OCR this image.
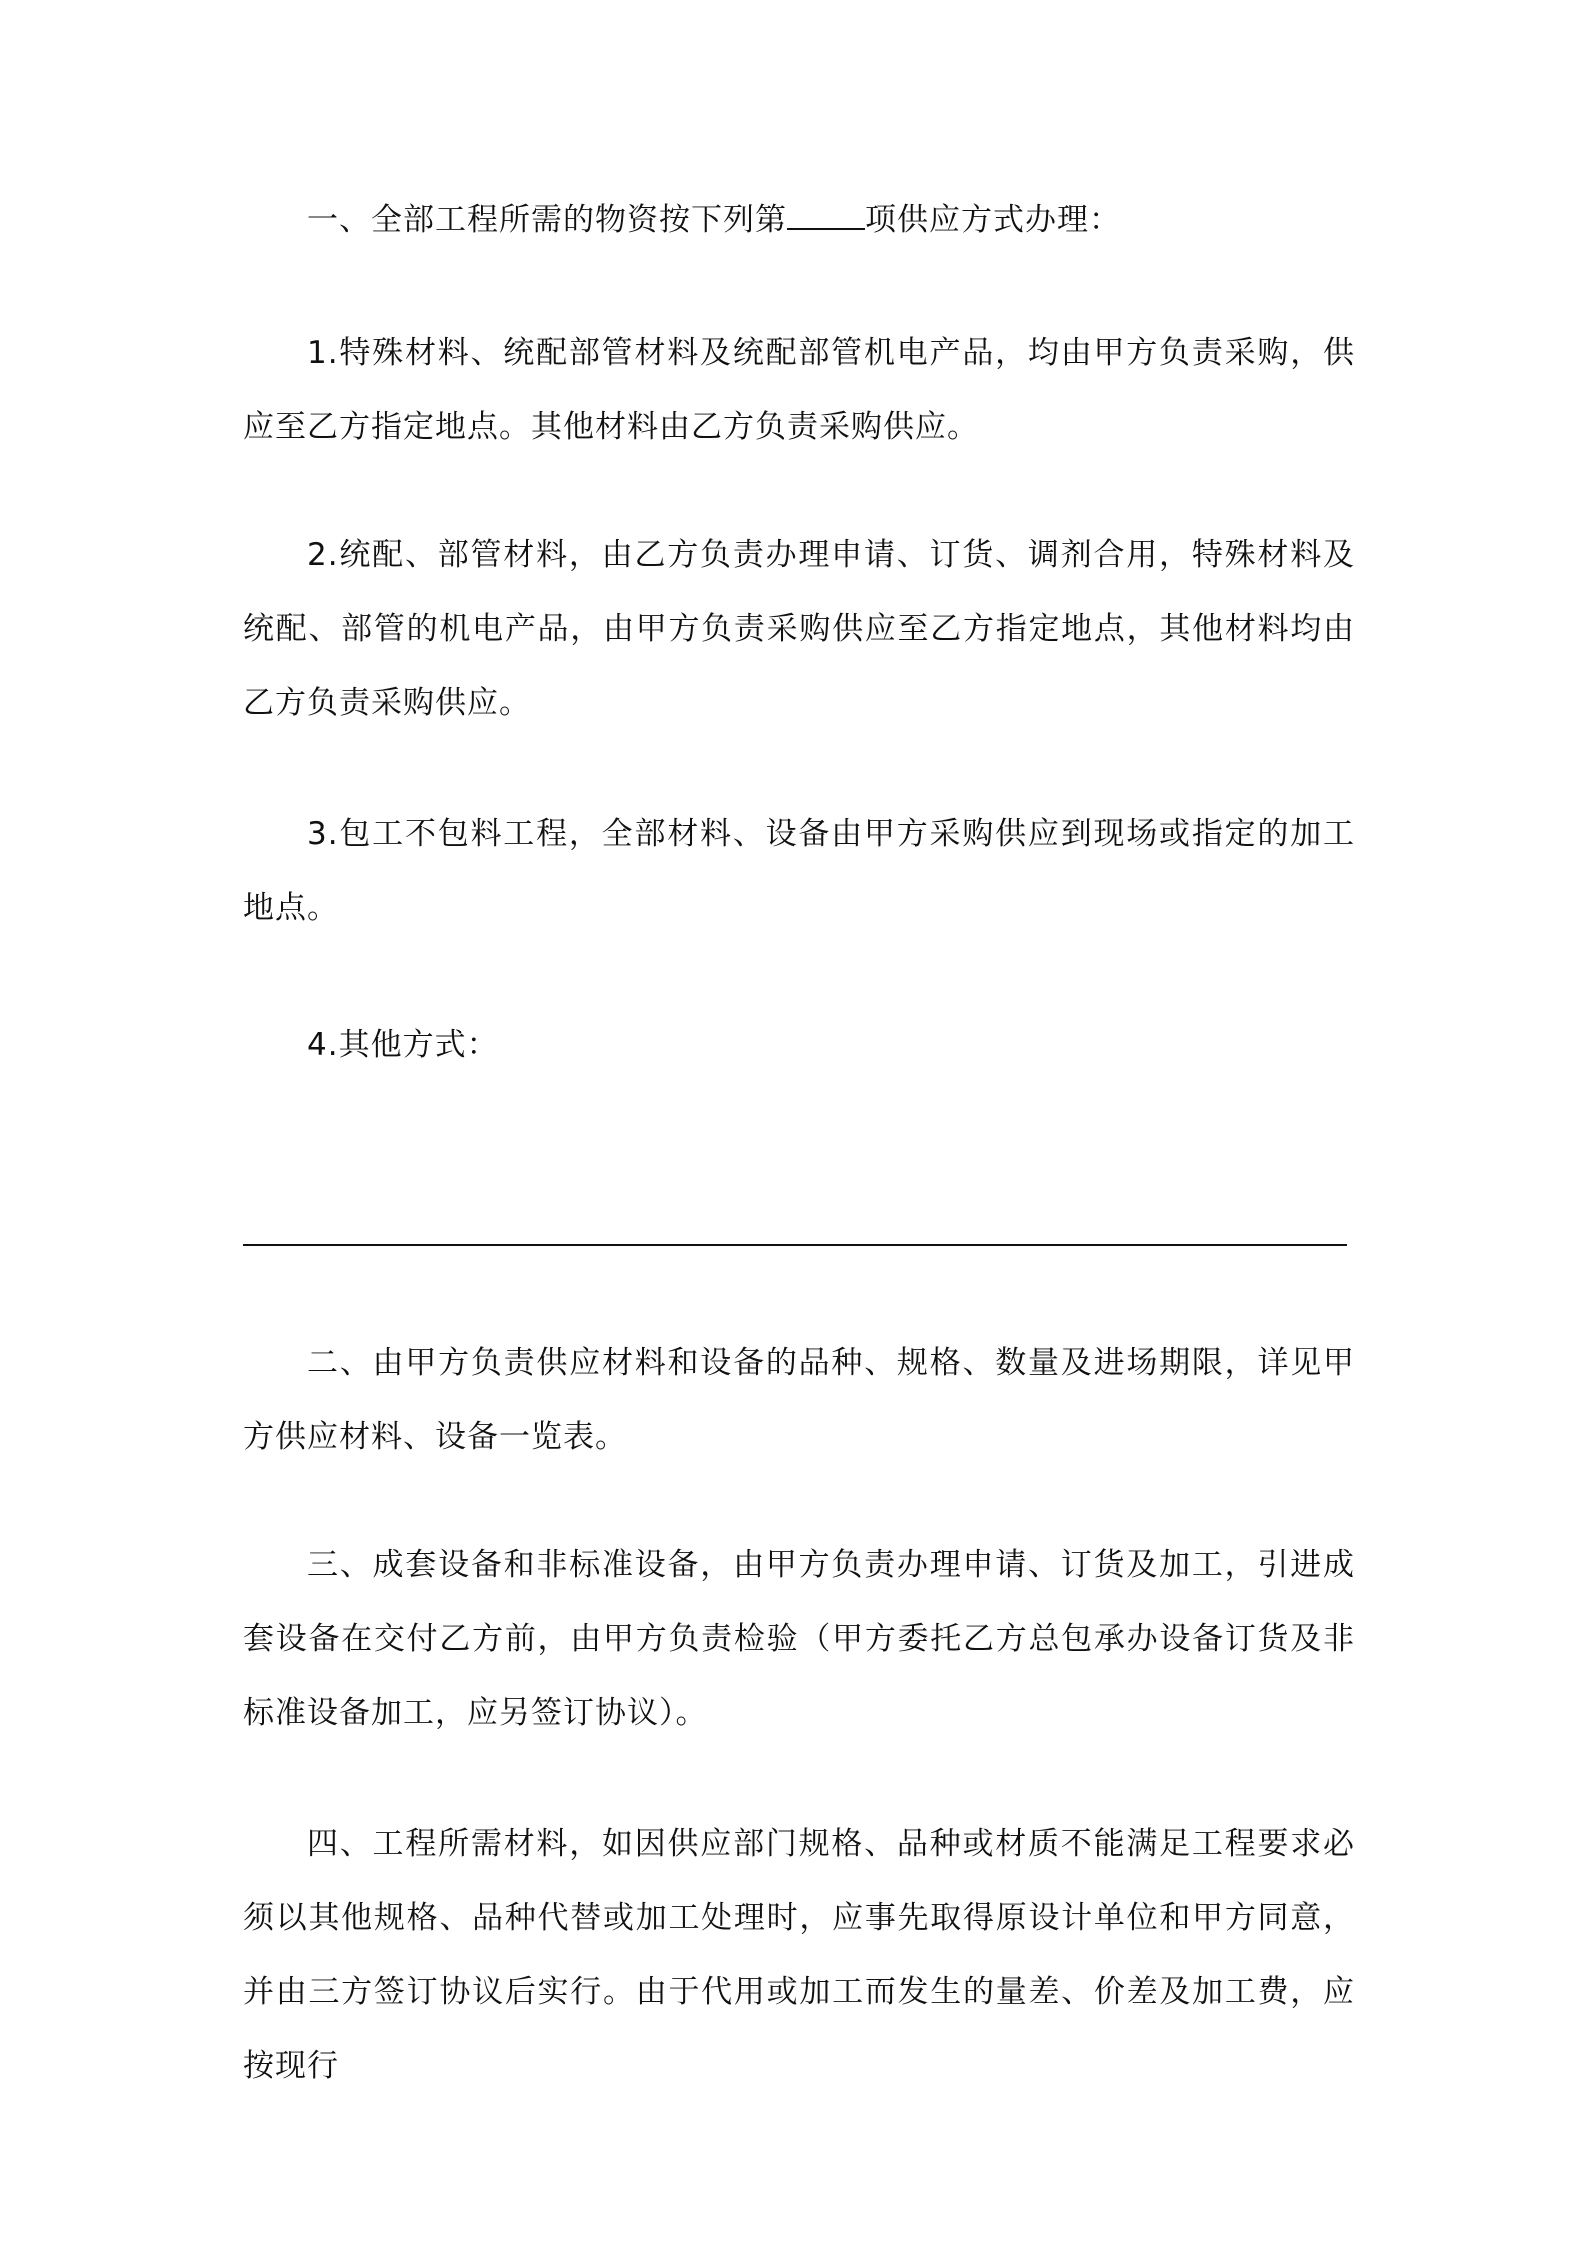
一、全部工程所需的物资按下列第	项供应方式办理：

1.特殊材料、统配部管材料及统配部管机电产品，均由甲方负责采购，供应至乙方指定地点。其他材料由乙方负责采购供应。

2.统配、部管材料，由乙方负责办理申请、订货、调剂合用，特殊材料及统配、部管的机电产品，由甲方负责采购供应至乙方指定地点，其他材料均由乙方负责采购供应。

3.包工不包料工程，全部材料、设备由甲方采购供应到现场或指定的加工地点。

4.其他方式：

二、由甲方负责供应材料和设备的品种、规格、数量及进场期限，详见甲方供应材料、设备一览表。

三、成套设备和非标准设备，由甲方负责办理申请、订货及加工，引进成套设备在交付乙方前，由甲方负责检验（甲方委托乙方总包承办设备订货及非标准设备加工，应另签订协议）。

四、工程所需材料，如因供应部门规格、品种或材质不能满足工程要求必须以其他规格、品种代替或加工处理时，应事先取得原设计单位和甲方同意，并由三方签订协议后实行。由于代用或加工而发生的量差、价差及加工费，应按现行
